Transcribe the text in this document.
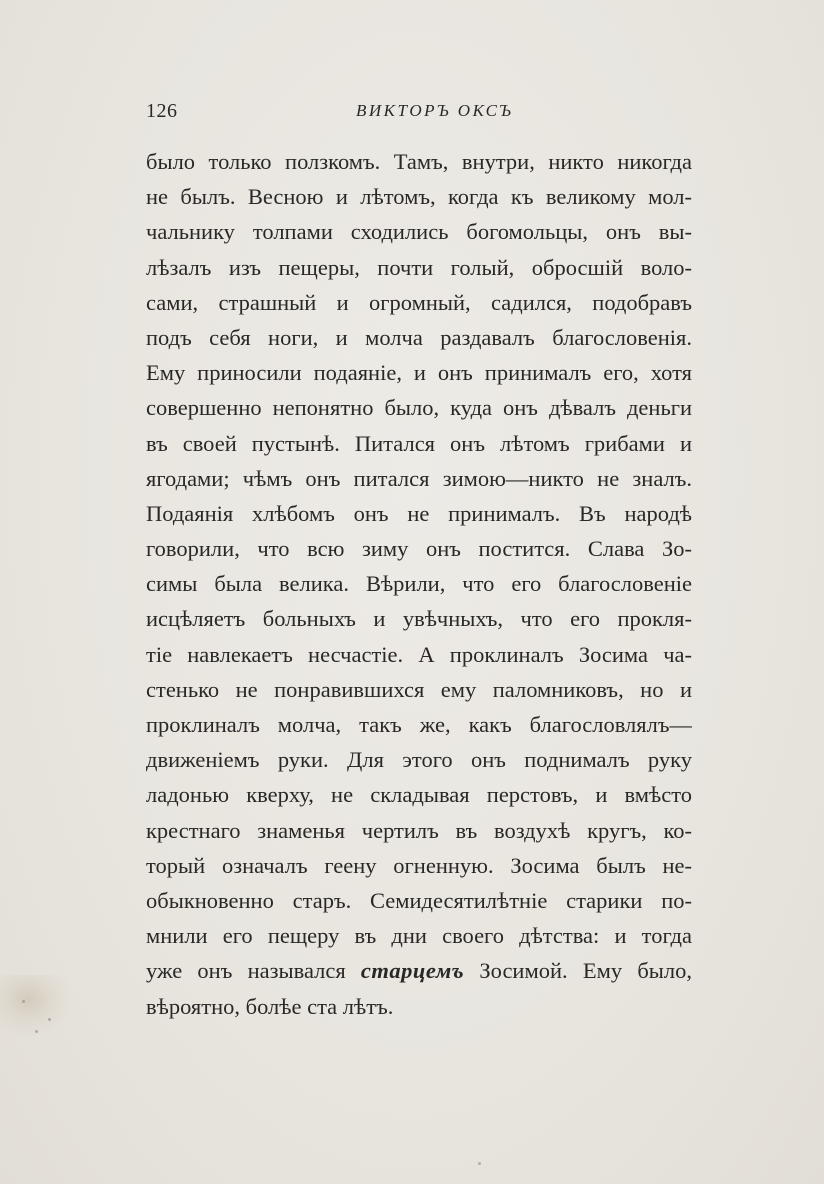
126	ВИКТОРЪ ОКСЪ
было только ползкомъ. Тамъ, внутри, никто никогда
не былъ. Весною и лѣтомъ, когда къ великому мол-
чальнику толпами сходились богомольцы, онъ вы-
лѣзалъ изъ пещеры, почти голый, обросшій воло-
сами, страшный и огромный, садился, подобравъ
подъ себя ноги, и молча раздавалъ благословенія.
Ему приносили подаяніе, и онъ принималъ его, хотя
совершенно непонятно было, куда онъ дѣвалъ деньги
въ своей пустынѣ. Питался онъ лѣтомъ грибами и
ягодами; чѣмъ онъ питался зимою—никто не зналъ.
Подаянія хлѣбомъ онъ не принималъ. Въ народѣ
говорили, что всю зиму онъ постится. Слава Зо-
симы была велика. Вѣрили, что его благословеніе
исцѣляетъ больныхъ и увѣчныхъ, что его прокля-
тіе навлекаетъ несчастіе. А проклиналъ Зосима ча-
стенько не понравившихся ему паломниковъ, но и
проклиналъ молча, такъ же, какъ благословлялъ—
движеніемъ руки. Для этого онъ поднималъ руку
ладонью кверху, не складывая перстовъ, и вмѣсто
крестнаго знаменья чертилъ въ воздухѣ кругъ, ко-
торый означалъ геену огненную. Зосима былъ не-
обыкновенно старъ. Семидесятилѣтніе старики по-
мнили его пещеру въ дни своего дѣтства: и тогда
уже онъ назывался старцемъ Зосимой. Ему было,
вѣроятно, болѣе ста лѣтъ.
